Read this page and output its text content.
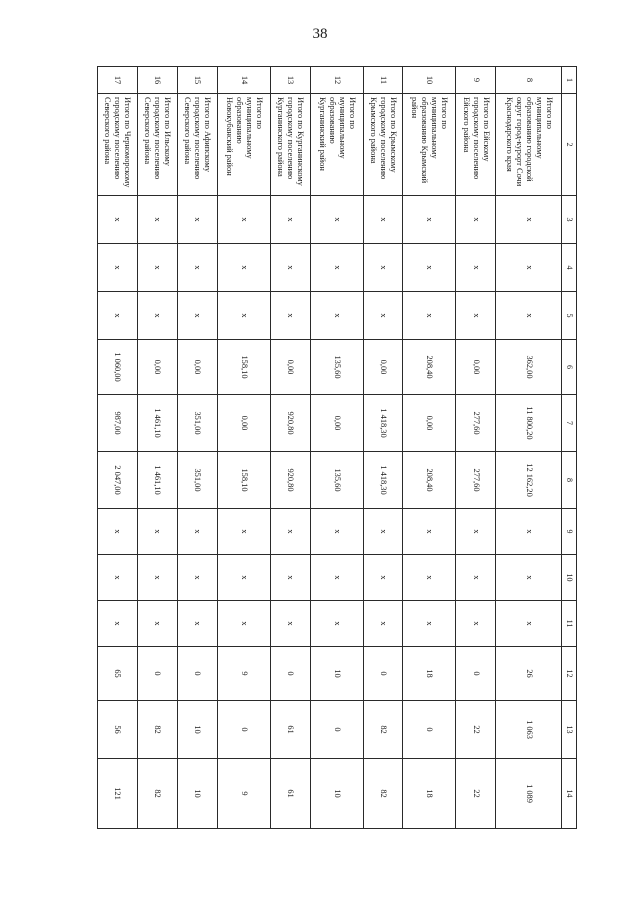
38
1	2	3	4	5	6	7	8	9	10	11	12	13	14
8	Итого по муниципальному образованию городской округ город-курорт Сочи Краснодарского края	x	x	x	362,00	11 800,20	12 162,20	x	x	x	26	1 063	1 089
9	Итого по Ейскому городскому поселению Ейского района	x	x	x	0,00	277,60	277,60	x	x	x	0	22	22
10	Итого по муниципальному образованию Крымский район	x	x	x	208,40	0,00	208,40	x	x	x	18	0	18
11	Итого по Крымскому городскому поселению Крымского района	x	x	x	0,00	1 418,30	1 418,30	x	x	x	0	82	82
12	Итого по муниципальному образованию Курганинский район	x	x	x	135,60	0,00	135,60	x	x	x	10	0	10
13	Итого по Курганинскому городскому поселению Курганинского района	x	x	x	0,00	920,80	920,80	x	x	x	0	61	61
14	Итого по муниципальному образованию Новокубанский район	x	x	x	158,10	0,00	158,10	x	x	x	9	0	9
15	Итого по Афипскому городскому поселению Северского района	x	x	x	0,00	351,00	351,00	x	x	x	0	10	10
16	Итого по Ильскому городскому поселению Северского района	x	x	x	0,00	1 461,10	1 461,10	x	x	x	0	82	82
17	Итого по Черноморскому городскому поселению Северского района	x	x	x	1 060,00	987,00	2 047,00	x	x	x	65	56	121
